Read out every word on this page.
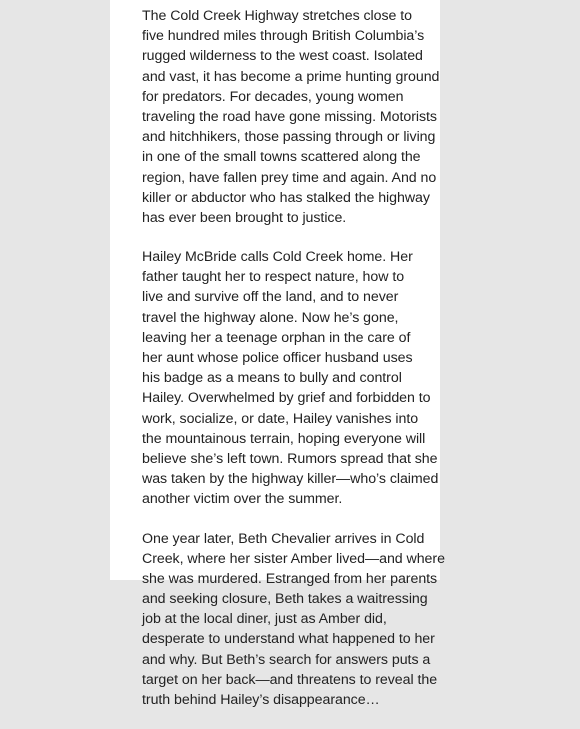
The Cold Creek Highway stretches close to
five hundred miles through British Columbia’s
rugged wilderness to the west coast. Isolated
and vast, it has become a prime hunting ground
for predators. For decades, young women
traveling the road have gone missing. Motorists
and hitchhikers, those passing through or living
in one of the small towns scattered along the
region, have fallen prey time and again. And no
killer or abductor who has stalked the highway
has ever been brought to justice.
Hailey McBride calls Cold Creek home. Her
father taught her to respect nature, how to
live and survive off the land, and to never
travel the highway alone. Now he’s gone,
leaving her a teenage orphan in the care of
her aunt whose police officer husband uses
his badge as a means to bully and control
Hailey. Overwhelmed by grief and forbidden to
work, socialize, or date, Hailey vanishes into
the mountainous terrain, hoping everyone will
believe she’s left town. Rumors spread that she
was taken by the highway killer—who’s claimed
another victim over the summer.
One year later, Beth Chevalier arrives in Cold
Creek, where her sister Amber lived—and where
she was murdered. Estranged from her parents
and seeking closure, Beth takes a waitressing
job at the local diner, just as Amber did,
desperate to understand what happened to her
and why. But Beth’s search for answers puts a
target on her back—and threatens to reveal the
truth behind Hailey’s disappearance…
